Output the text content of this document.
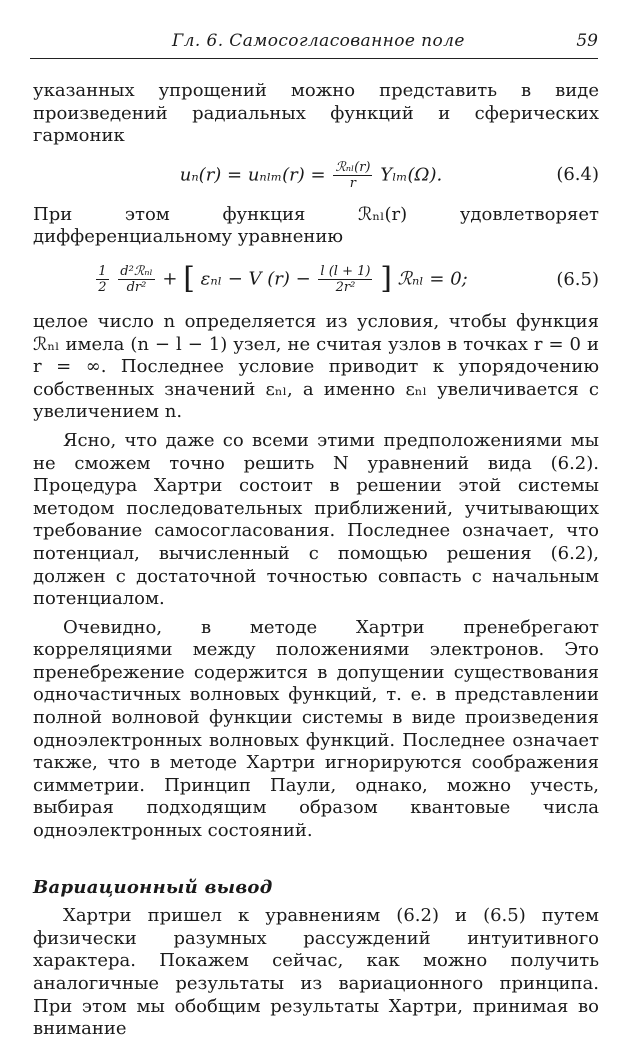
Гл. 6. Самосогласованное поле	59

указанных упрощений можно представить в виде произведений радиальных функций и сферических гармоник

$u_n(r) = u_{nlm}(r) = \frac{\text{ℛₙₗ(r)}}{r} Y_{lm}(\Omega)$.	(6.4)

При этом функция ℛₙₗ(r) удовлетворяет дифференциальному уравнению

$\frac{1}{2}$
$\frac{\text{d²ℛₙₗ}}{\text{dr²}}$ + [ εₙₗ − V $(r) - \frac{l (l + 1)}{\text{2r²}}$ ] ℛₙₗ = 0;	(6.5)

целое число n определяется из условия, чтобы функция ℛₙₗ имела (n − l − 1) узел, не считая узлов в точках r = 0 и r = ∞. Последнее условие приводит к упорядочению собственных значений εₙₗ, а именно εₙₗ увеличивается с увеличением n.

Ясно, что даже со всеми этими предположениями мы не сможем точно решить N уравнений вида (6.2). Процедура Хартри состоит в решении этой системы методом последовательных приближений, учитывающих требование самосогласования. Последнее означает, что потенциал, вычисленный с помощью решения (6.2), должен с достаточной точностью совпасть с начальным потенциалом.

Очевидно, в методе Хартри пренебрегают корреляциями между положениями электронов. Это пренебрежение содержится в допущении существования одночастичных волновых функций, т. е. в представлении полной волновой функции системы в виде произведения одноэлектронных волновых функций. Последнее означает также, что в методе Хартри игнорируются соображения симметрии. Принцип Паули, однако, можно учесть, выбирая подходящим образом квантовые числа одноэлектронных состояний.

Вариационный вывод

Хартри пришел к уравнениям (6.2) и (6.5) путем физически разумных рассуждений интуитивного характера. Покажем сейчас, как можно получить аналогичные результаты из вариационного принципа. При этом мы обобщим результаты Хартри, принимая во внимание
